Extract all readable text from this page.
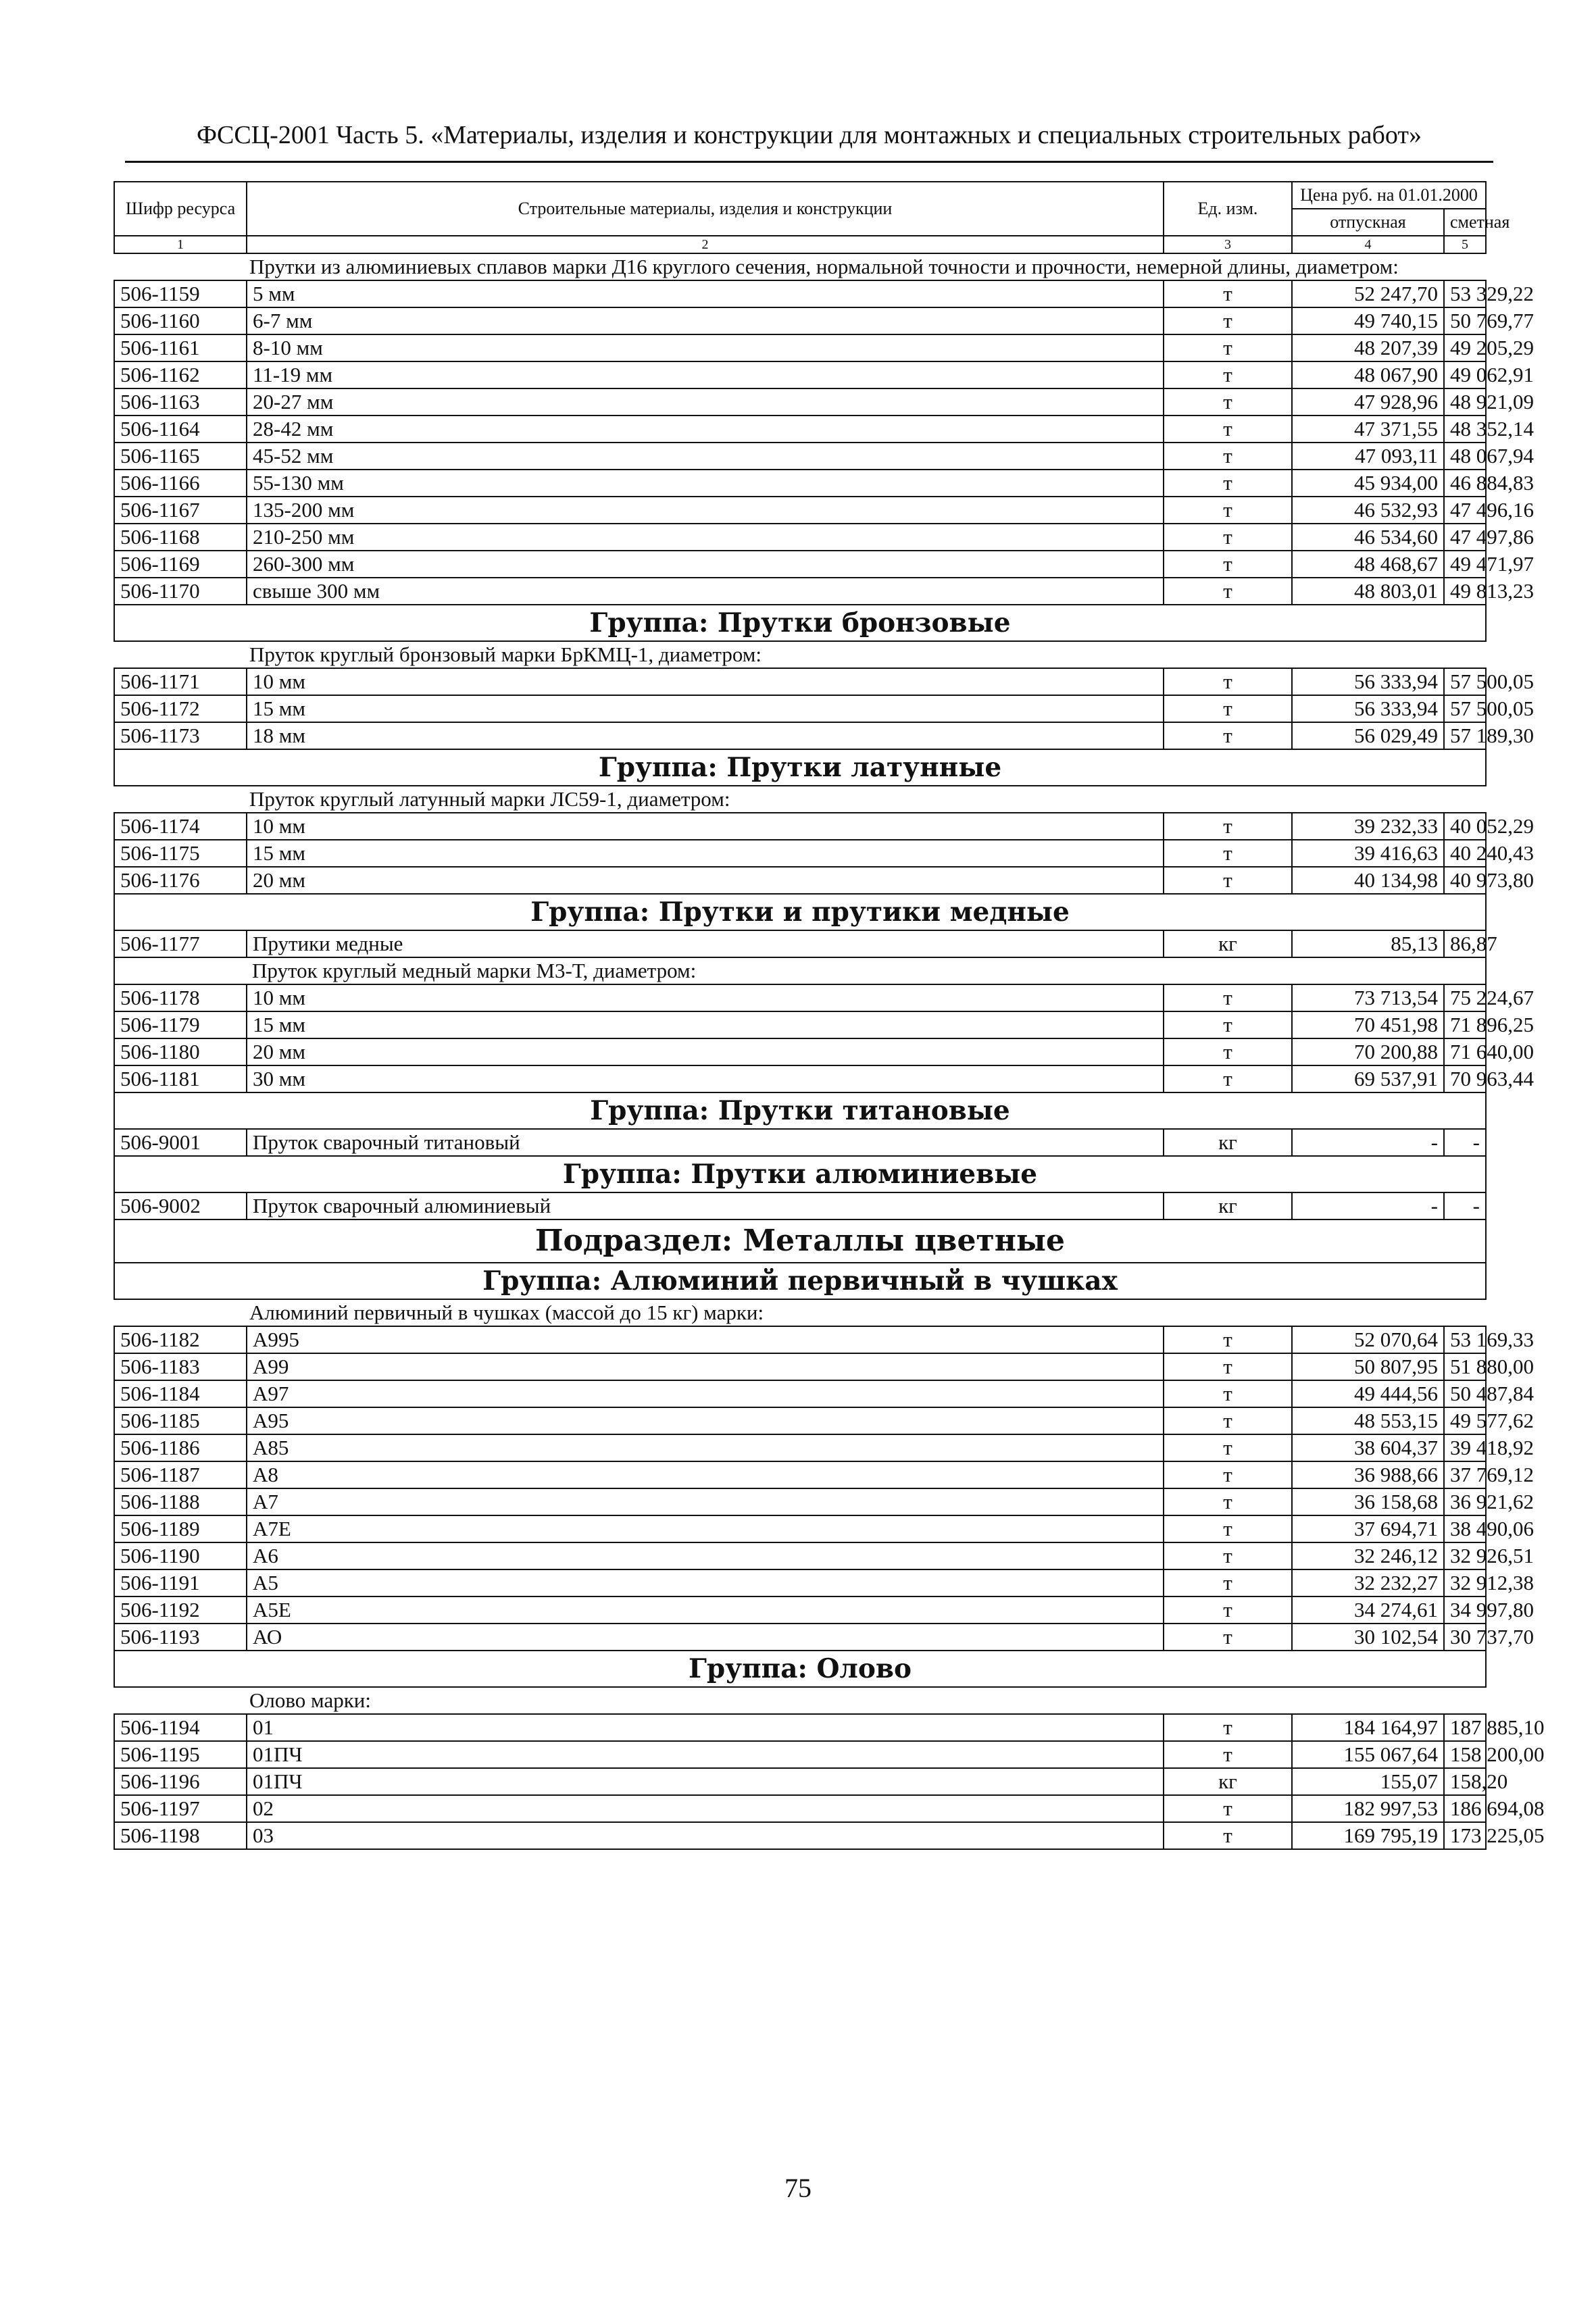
ФССЦ-2001 Часть 5. «Материалы, изделия и конструкции для монтажных и специальных строительных работ»
Шифр ресурса	Строительные материалы, изделия и конструкции	Ед. изм.	Цена руб. на 01.01.2000	
			отпускная	сметная
1	2	3	4	5
Прутки из алюминиевых сплавов марки Д16 круглого сечения, нормальной точности и прочности, немерной длины, диаметром:				
506-1159	5 мм	т	52 247,70	53 329,22
506-1160	6-7 мм	т	49 740,15	50 769,77
506-1161	8-10 мм	т	48 207,39	49 205,29
506-1162	11-19 мм	т	48 067,90	49 062,91
506-1163	20-27 мм	т	47 928,96	48 921,09
506-1164	28-42 мм	т	47 371,55	48 352,14
506-1165	45-52 мм	т	47 093,11	48 067,94
506-1166	55-130 мм	т	45 934,00	46 884,83
506-1167	135-200 мм	т	46 532,93	47 496,16
506-1168	210-250 мм	т	46 534,60	47 497,86
506-1169	260-300 мм	т	48 468,67	49 471,97
506-1170	свыше 300 мм	т	48 803,01	49 813,23
Группа: Прутки бронзовые				
Пруток круглый бронзовый марки БрКМЦ-1, диаметром:				
506-1171	10 мм	т	56 333,94	57 500,05
506-1172	15 мм	т	56 333,94	57 500,05
506-1173	18 мм	т	56 029,49	57 189,30
Группа: Прутки латунные				
Пруток круглый латунный марки ЛС59-1, диаметром:				
506-1174	10 мм	т	39 232,33	40 052,29
506-1175	15 мм	т	39 416,63	40 240,43
506-1176	20 мм	т	40 134,98	40 973,80
Группа: Прутки и прутики медные				
506-1177	Прутики медные	кг	85,13	86,87
	Пруток круглый медный марки М3-Т, диаметром:			
506-1178	10 мм	т	73 713,54	75 224,67
506-1179	15 мм	т	70 451,98	71 896,25
506-1180	20 мм	т	70 200,88	71 640,00
506-1181	30 мм	т	69 537,91	70 963,44
Группа: Прутки титановые				
506-9001	Пруток сварочный титановый	кг	-	-
Группа: Прутки алюминиевые				
506-9002	Пруток сварочный алюминиевый	кг	-	-
Подраздел: Металлы цветные				
Группа: Алюминий первичный в чушках				
Алюминий первичный в чушках (массой до 15 кг) марки:				
506-1182	А995	т	52 070,64	53 169,33
506-1183	А99	т	50 807,95	51 880,00
506-1184	А97	т	49 444,56	50 487,84
506-1185	А95	т	48 553,15	49 577,62
506-1186	А85	т	38 604,37	39 418,92
506-1187	А8	т	36 988,66	37 769,12
506-1188	А7	т	36 158,68	36 921,62
506-1189	А7Е	т	37 694,71	38 490,06
506-1190	А6	т	32 246,12	32 926,51
506-1191	А5	т	32 232,27	32 912,38
506-1192	А5Е	т	34 274,61	34 997,80
506-1193	АО	т	30 102,54	30 737,70
Группа: Олово				
Олово марки:				
506-1194	01	т	184 164,97	187 885,10
506-1195	01ПЧ	т	155 067,64	158 200,00
506-1196	01ПЧ	кг	155,07	158,20
506-1197	02	т	182 997,53	186 694,08
506-1198	03	т	169 795,19	173 225,05
75
